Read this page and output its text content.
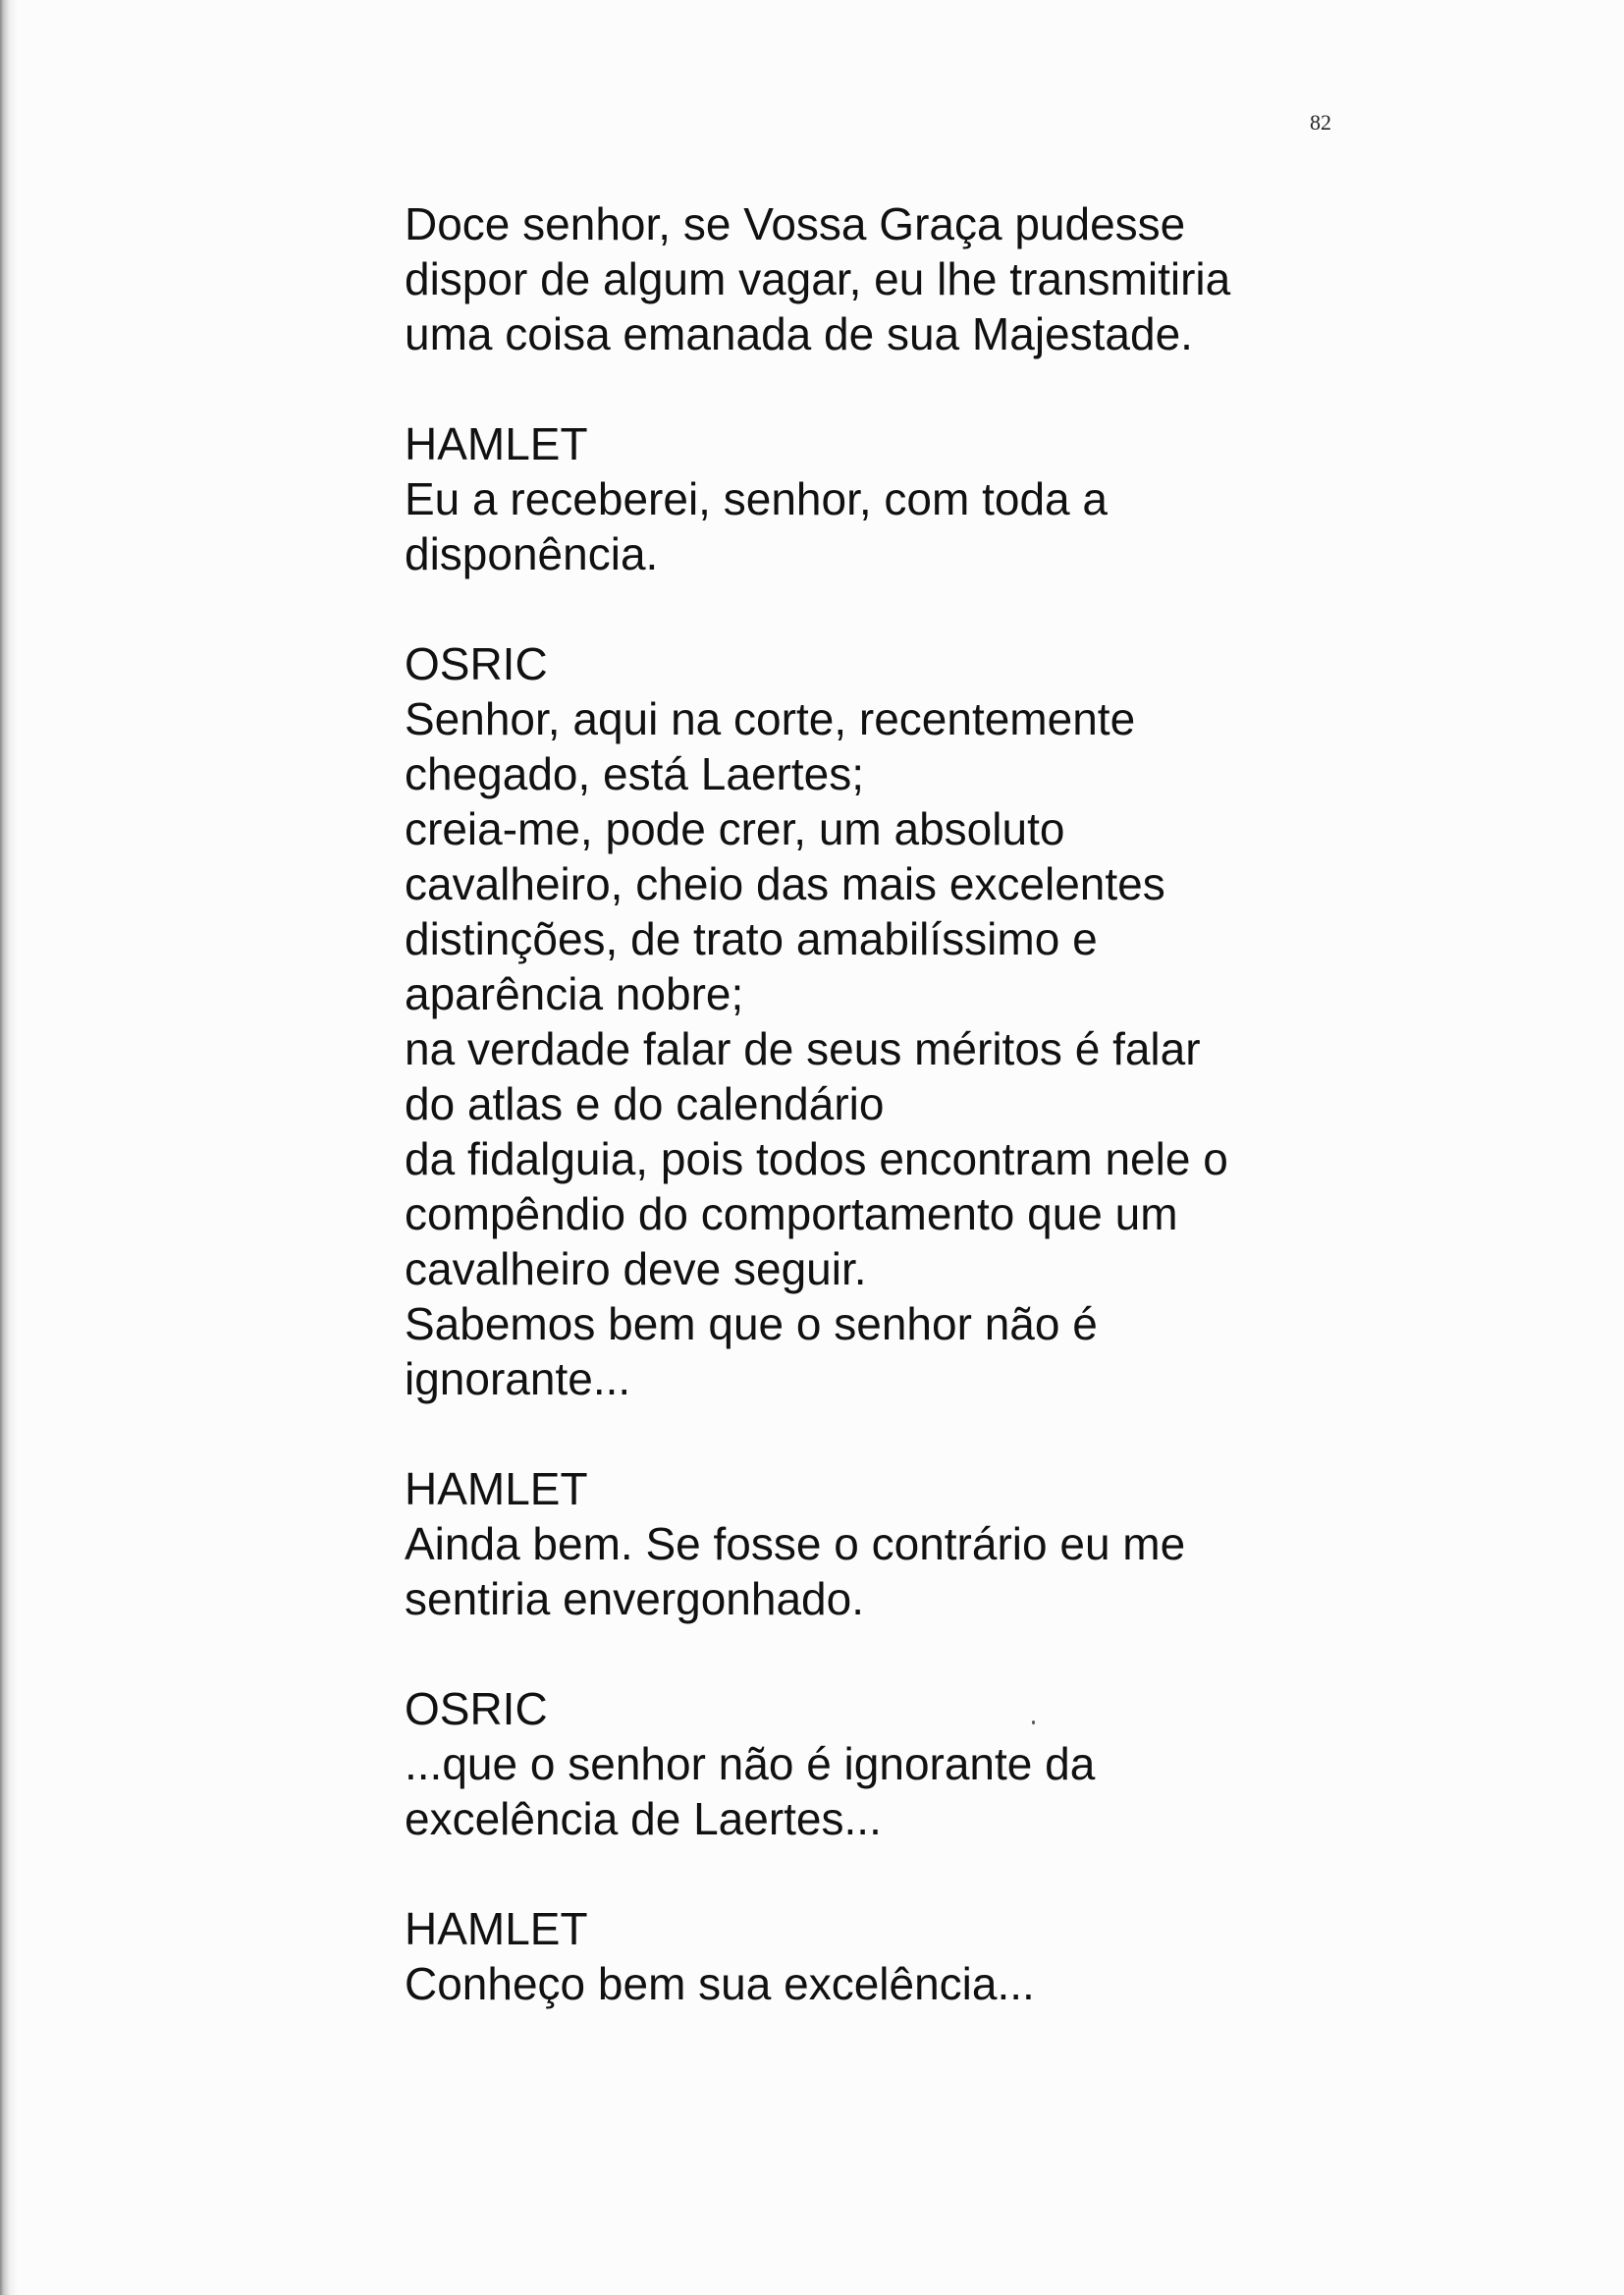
82
Doce senhor, se Vossa Graça pudesse
dispor de algum vagar, eu lhe transmitiria
uma coisa emanada de sua Majestade.
HAMLET
Eu a receberei, senhor, com toda a
disponência.
OSRIC
Senhor, aqui na corte, recentemente
chegado, está Laertes;
creia-me, pode crer, um absoluto
cavalheiro, cheio das mais excelentes
distinções, de trato amabilíssimo e
aparência nobre;
na verdade falar de seus méritos é falar
do atlas e do calendário
da fidalguia, pois todos encontram nele o
compêndio do comportamento que um
cavalheiro deve seguir.
Sabemos bem que o senhor não é
ignorante...
HAMLET
Ainda bem. Se fosse o contrário eu me
sentiria envergonhado.
OSRIC
...que o senhor não é ignorante da
excelência de Laertes...
HAMLET
Conheço bem sua excelência...
